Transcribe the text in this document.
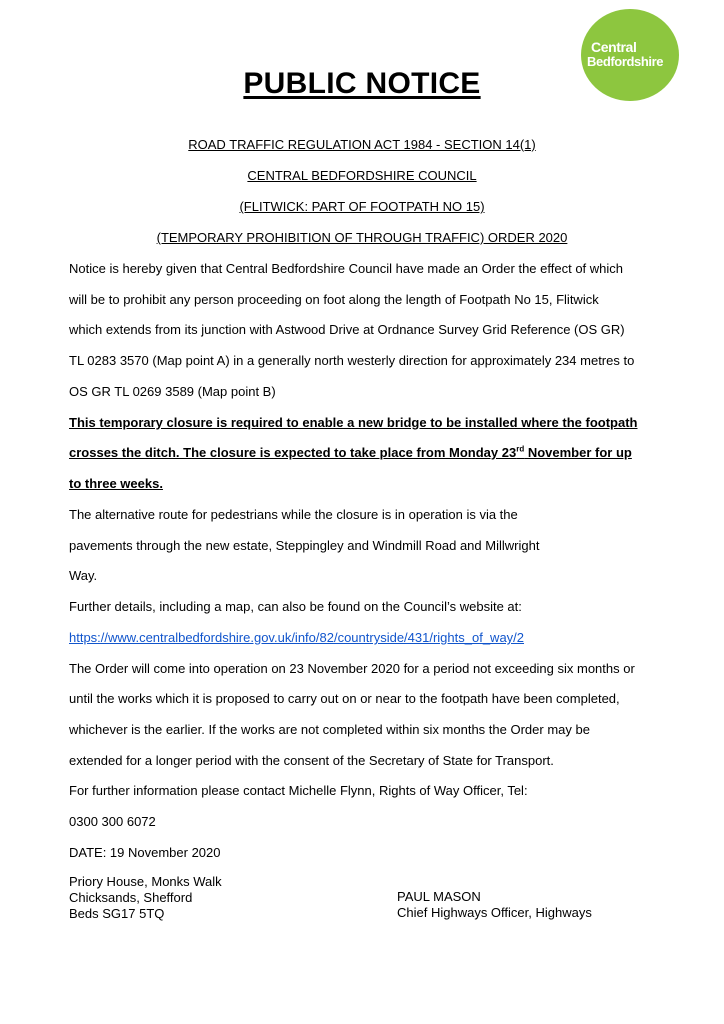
Central
Bedfordshire
PUBLIC NOTICE
ROAD TRAFFIC REGULATION ACT 1984 - SECTION 14(1)
CENTRAL BEDFORDSHIRE COUNCIL
(FLITWICK: PART OF FOOTPATH NO 15)
(TEMPORARY PROHIBITION OF THROUGH TRAFFIC) ORDER 2020
Notice is hereby given that Central Bedfordshire Council have made an Order the effect of which
will be to prohibit any person proceeding on foot along the length of Footpath No 15, Flitwick
which extends from its junction with Astwood Drive at Ordnance Survey Grid Reference (OS GR)
TL 0283 3570 (Map point A) in a generally north westerly direction for approximately 234 metres to
OS GR TL 0269 3589 (Map point B)
This temporary closure is required to enable a new bridge to be installed where the footpath
crosses the ditch. The closure is expected to take place from Monday 23rd November for up
to three weeks.
The alternative route for pedestrians while the closure is in operation is via the
pavements through the new estate, Steppingley and Windmill Road and Millwright
Way.
Further details, including a map, can also be found on the Council’s website at:
https://www.centralbedfordshire.gov.uk/info/82/countryside/431/rights_of_way/2
The Order will come into operation on 23 November 2020 for a period not exceeding six months or
until the works which it is proposed to carry out on or near to the footpath have been completed,
whichever is the earlier. If the works are not completed within six months the Order may be
extended for a longer period with the consent of the Secretary of State for Transport.
For further information please contact Michelle Flynn, Rights of Way Officer, Tel:
0300 300 6072
DATE: 19 November 2020
Priory House, Monks Walk
Chicksands, Shefford
Beds SG17 5TQ
PAUL MASON
Chief Highways Officer, Highways
